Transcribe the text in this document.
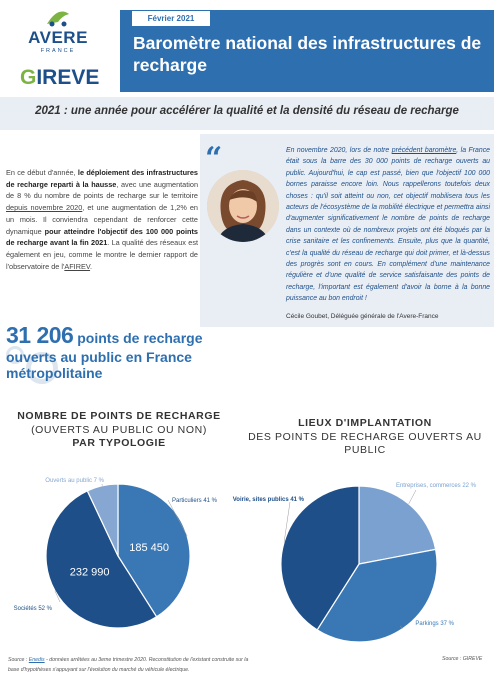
Février 2021
Baromètre national des infrastructures de recharge
AVERE
FRANCE
GIREVE
2021 : une année pour accélérer la qualité et la densité du réseau de recharge
En ce début d'année, le déploiement des infrastructures de recharge reparti à la hausse, avec une augmentation de 8 % du nombre de points de recharge sur le territoire depuis novembre 2020, et une augmentation de 1,2% en un mois. Il conviendra cependant de renforcer cette dynamique pour atteindre l'objectif des 100 000 points de recharge avant la fin 2021. La qualité des réseaux est également en jeu, comme le montre le dernier rapport de l'observatoire de l'AFIREV.
“	En novembre 2020, lors de notre précédent baromètre, la France était sous la barre des 30 000 points de recharge ouverts au public. Aujourd'hui, le cap est passé, bien que l'objectif 100 000 bornes paraisse encore loin. Nous rappellerons toutefois deux choses : qu'il soit atteint ou non, cet objectif mobilisera tous les acteurs de l'écosystème de la mobilité électrique et permettra ainsi d'augmenter significativement le nombre de points de recharge dans un contexte où de nombreux projets ont été bloqués par la crise sanitaire et les confinements. Ensuite, plus que la quantité, c'est la qualité du réseau de recharge qui doit primer, et là-dessus des progrès sont en cours. En complément d'une maintenance régulière et d'une qualité de service satisfaisante des points de recharge, l'important est également d'avoir la borne à la bonne puissance au bon endroit !
Cécile Goubet, Déléguée générale de l'Avere-France
31 206 points de recharge
ouverts au public en France métropolitaine
NOMBRE DE POINTS DE RECHARGE
(OUVERTS AU PUBLIC OU NON)
PAR TYPOLOGIE
LIEUX D'IMPLANTATION
DES POINTS DE RECHARGE OUVERTS AU
PUBLIC
Particuliers 41 %
185 450
Sociétés 52 %
232 990
Ouverts au public 7 %
Entreprises, commerces 22 %
Parkings 37 %
Voirie, sites publics 41 %
Source : Enedis - données arrêtées au 3eme trimestre 2020. Reconstitution de l'existant construite sur la base d'hypothèses s'appuyant sur l'évolution du marché du véhicule électrique.
Source : GIREVE
